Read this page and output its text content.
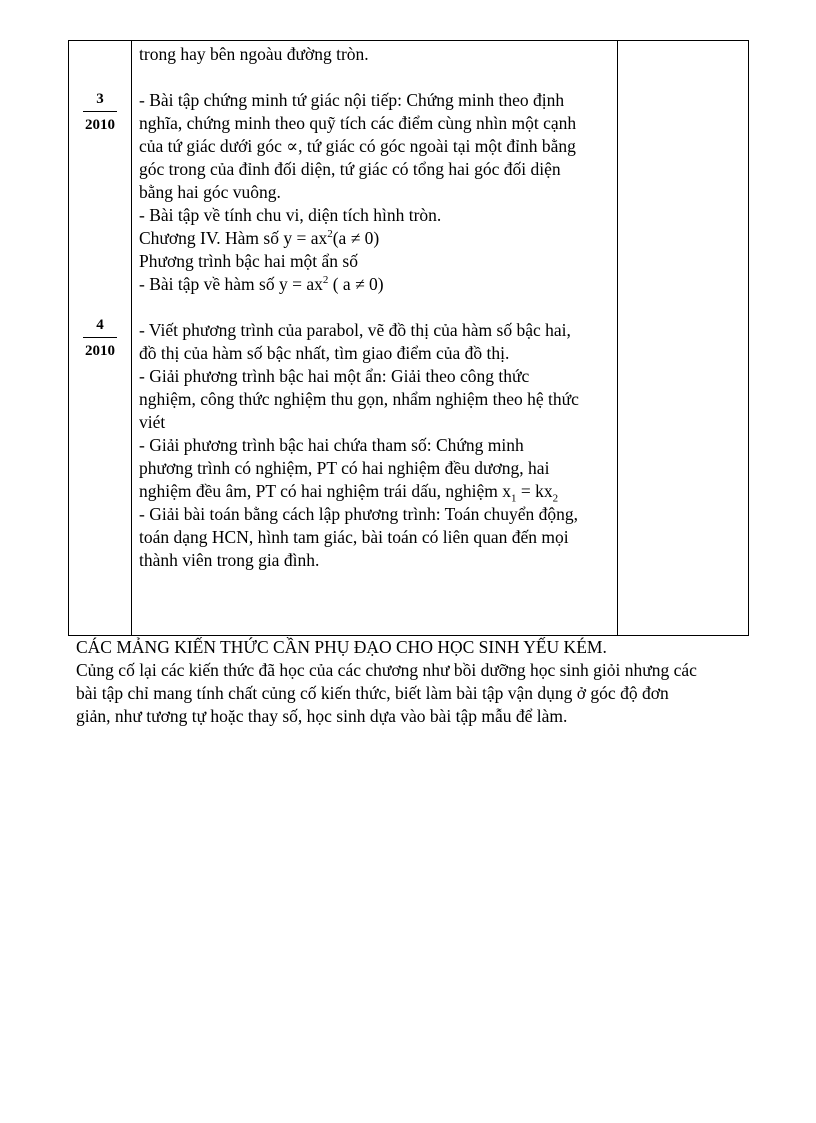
3
2010
4
2010

trong hay bên ngoàu đường tròn.

- Bài tập chứng minh tứ giác nội tiếp: Chứng minh theo định

nghĩa, chứng minh theo quỹ tích các điểm cùng nhìn một cạnh

của tứ giác dưới góc ∝, tứ giác có góc ngoài tại một đỉnh bằng

góc trong của đỉnh đối diện, tứ giác có tổng hai góc đối diện

bằng hai góc vuông.

- Bài tập về tính chu vi, diện tích hình tròn.

Chương IV. Hàm số $y = ax^2(a \ne 0)$

Phương trình bậc hai một ẩn số

- Bài tập về hàm số $y = ax^2$ ( a ≠ 0)

- Viết phương trình của parabol, vẽ đồ thị của hàm số bậc hai,

đồ thị của hàm số bậc nhất, tìm giao điểm của đồ thị.

- Giải phương trình bậc hai một ẩn: Giải theo công thức

nghiệm, công thức nghiệm thu gọn, nhẩm nghiệm theo hệ thức

viét

- Giải phương trình bậc hai chứa tham số: Chứng minh

phương trình có nghiệm, PT có hai nghiệm đều dương, hai

nghiệm đều âm, PT có hai nghiệm trái dấu, nghiệm $x_1 = kx_2$

- Giải bài toán bằng cách lập phương trình: Toán chuyển động,

toán dạng HCN, hình tam giác, bài toán có liên quan đến mọi

thành viên trong gia đình.

CÁC MẢNG KIẾN THỨC CẦN PHỤ ĐẠO CHO HỌC SINH YẾU KÉM.

Củng cố lại các kiến thức đã học của các chương như bồi dưỡng học sinh giỏi nhưng các

bài tập chỉ mang tính chất củng cố kiến thức, biết làm bài tập vận dụng ở góc độ đơn

giản, như tương tự hoặc thay số, học sinh dựa vào bài tập mẫu để làm.
